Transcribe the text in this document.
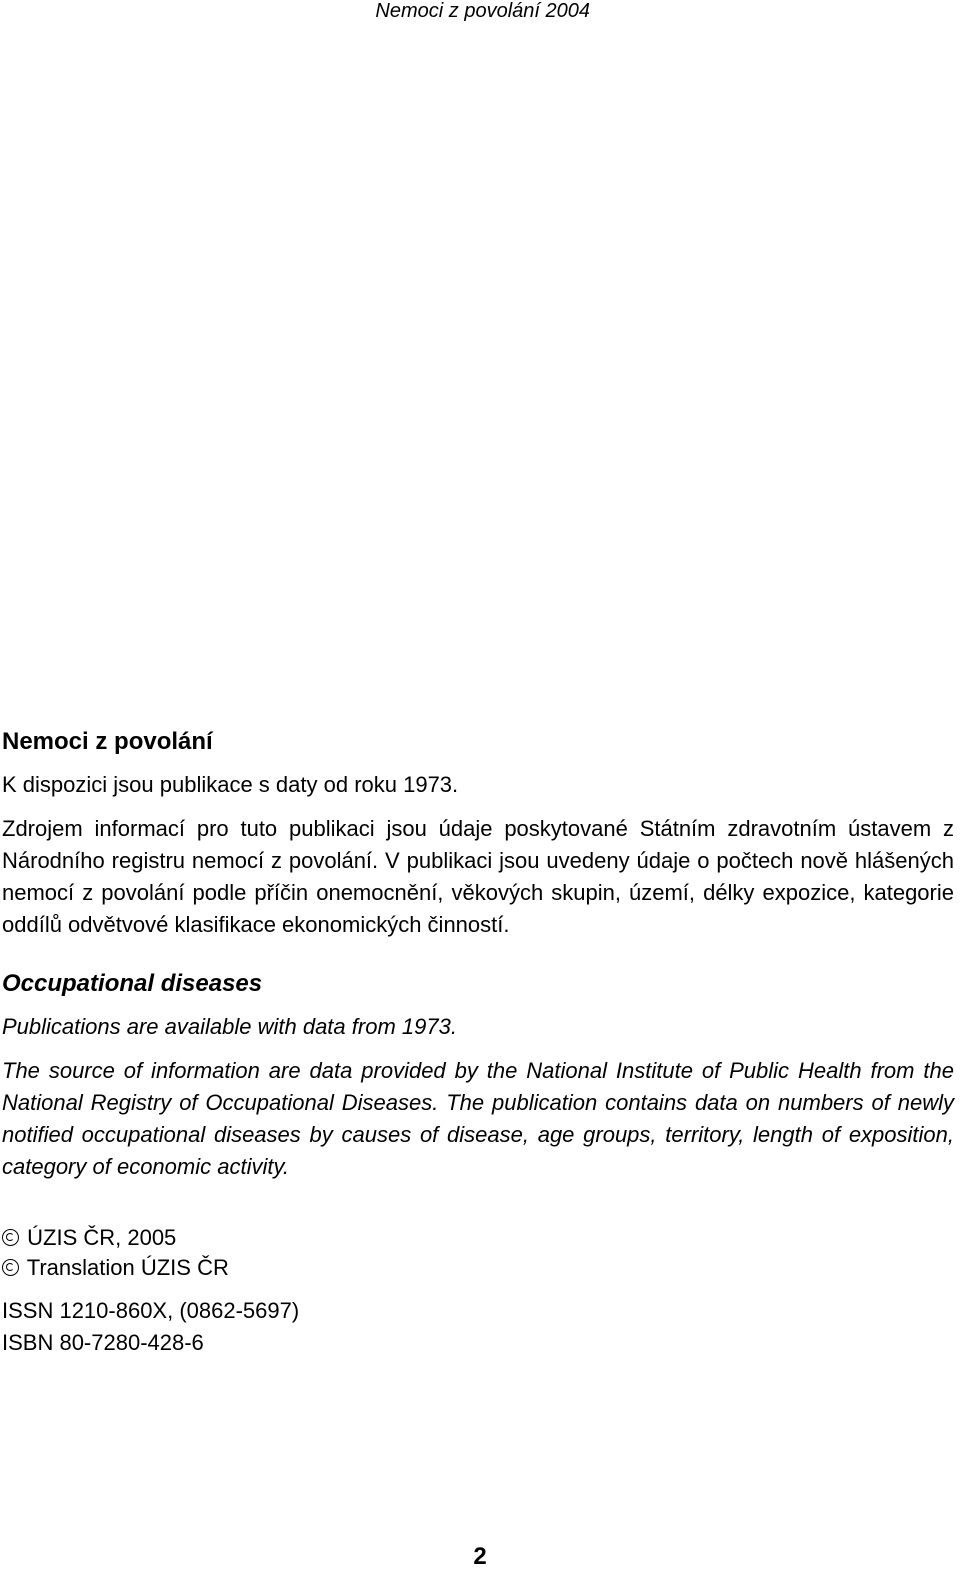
Nemoci z povolání 2004
Nemoci z povolání

K dispozici jsou publikace s daty od roku 1973.

Zdrojem informací pro tuto publikaci jsou údaje poskytované Státním zdravotním ústavem z Národního registru nemocí z povolání. V publikaci jsou uvedeny údaje o počtech nově hlášených nemocí z povolání podle příčin onemocnění, věkových skupin, území, délky expozice, kategorie oddílů odvětvové klasifikace ekonomických činností.

Occupational diseases

Publications are available with data from 1973.

The source of information are data provided by the National Institute of Public Health from the National Registry of Occupational Diseases. The publication contains data on numbers of newly notified occupational diseases by causes of disease, age groups, territory, length of exposition, category of economic activity.

ÚZIS ČR, 2005
Translation ÚZIS ČR

ISSN 1210-860X, (0862-5697)

ISBN 80-7280-428-6

2
